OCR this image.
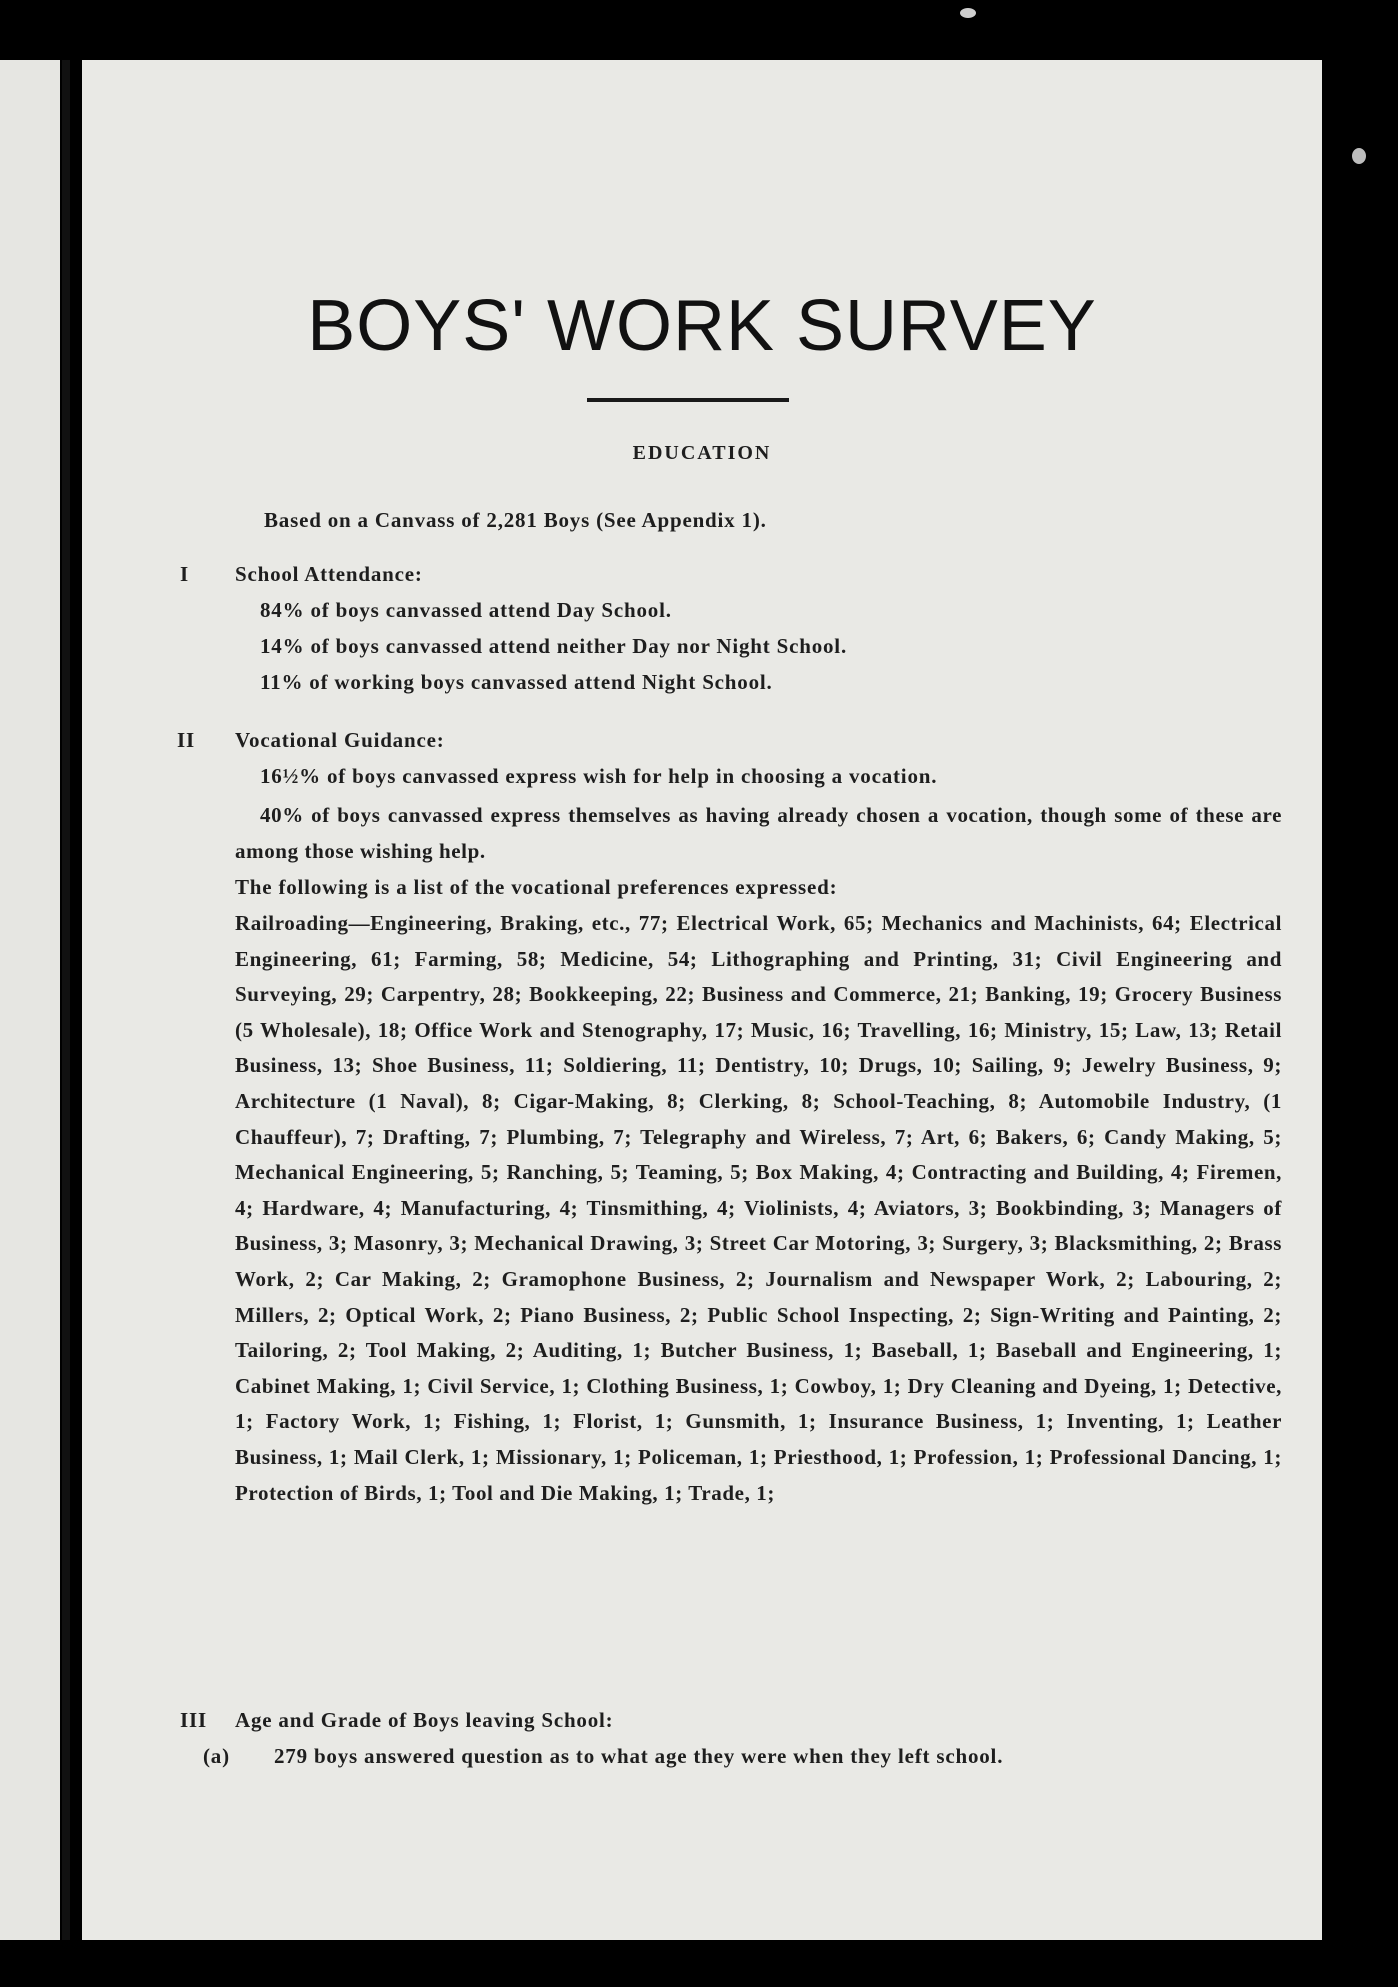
BOYS' WORK SURVEY
EDUCATION
Based on a Canvass of 2,281 Boys (See Appendix 1).
I School Attendance:
84% of boys canvassed attend Day School.
14% of boys canvassed attend neither Day nor Night School.
11% of working boys canvassed attend Night School.
II Vocational Guidance:
16½% of boys canvassed express wish for help in choosing a vocation.
40% of boys canvassed express themselves as having already chosen a vocation, though some of these are among those wishing help.
The following is a list of the vocational preferences expressed:
Railroading—Engineering, Braking, etc., 77; Electrical Work, 65; Mechanics and Machinists, 64; Electrical Engineering, 61; Farming, 58; Medicine, 54; Lithographing and Printing, 31; Civil Engineering and Surveying, 29; Carpentry, 28; Bookkeeping, 22; Business and Commerce, 21; Banking, 19; Grocery Business (5 Wholesale), 18; Office Work and Stenography, 17; Music, 16; Travelling, 16; Ministry, 15; Law, 13; Retail Business, 13; Shoe Business, 11; Soldiering, 11; Dentistry, 10; Drugs, 10; Sailing, 9; Jewelry Business, 9; Architecture (1 Naval), 8; Cigar-Making, 8; Clerking, 8; School-Teaching, 8; Automobile Industry, (1 Chauffeur), 7; Drafting, 7; Plumbing, 7; Telegraphy and Wireless, 7; Art, 6; Bakers, 6; Candy Making, 5; Mechanical Engineering, 5; Ranching, 5; Teaming, 5; Box Making, 4; Contracting and Building, 4; Firemen, 4; Hardware, 4; Manufacturing, 4; Tinsmithing, 4; Violinists, 4; Aviators, 3; Bookbinding, 3; Managers of Business, 3; Masonry, 3; Mechanical Drawing, 3; Street Car Motoring, 3; Surgery, 3; Blacksmithing, 2; Brass Work, 2; Car Making, 2; Gramophone Business, 2; Journalism and Newspaper Work, 2; Labouring, 2; Millers, 2; Optical Work, 2; Piano Business, 2; Public School Inspecting, 2; Sign-Writing and Painting, 2; Tailoring, 2; Tool Making, 2; Auditing, 1; Butcher Business, 1; Baseball, 1; Baseball and Engineering, 1; Cabinet Making, 1; Civil Service, 1; Clothing Business, 1; Cowboy, 1; Dry Cleaning and Dyeing, 1; Detective, 1; Factory Work, 1; Fishing, 1; Florist, 1; Gunsmith, 1; Insurance Business, 1; Inventing, 1; Leather Business, 1; Mail Clerk, 1; Missionary, 1; Policeman, 1; Priesthood, 1; Profession, 1; Professional Dancing, 1; Protection of Birds, 1; Tool and Die Making, 1; Trade, 1;
III Age and Grade of Boys leaving School:
(a) 279 boys answered question as to what age they were when they left school.
